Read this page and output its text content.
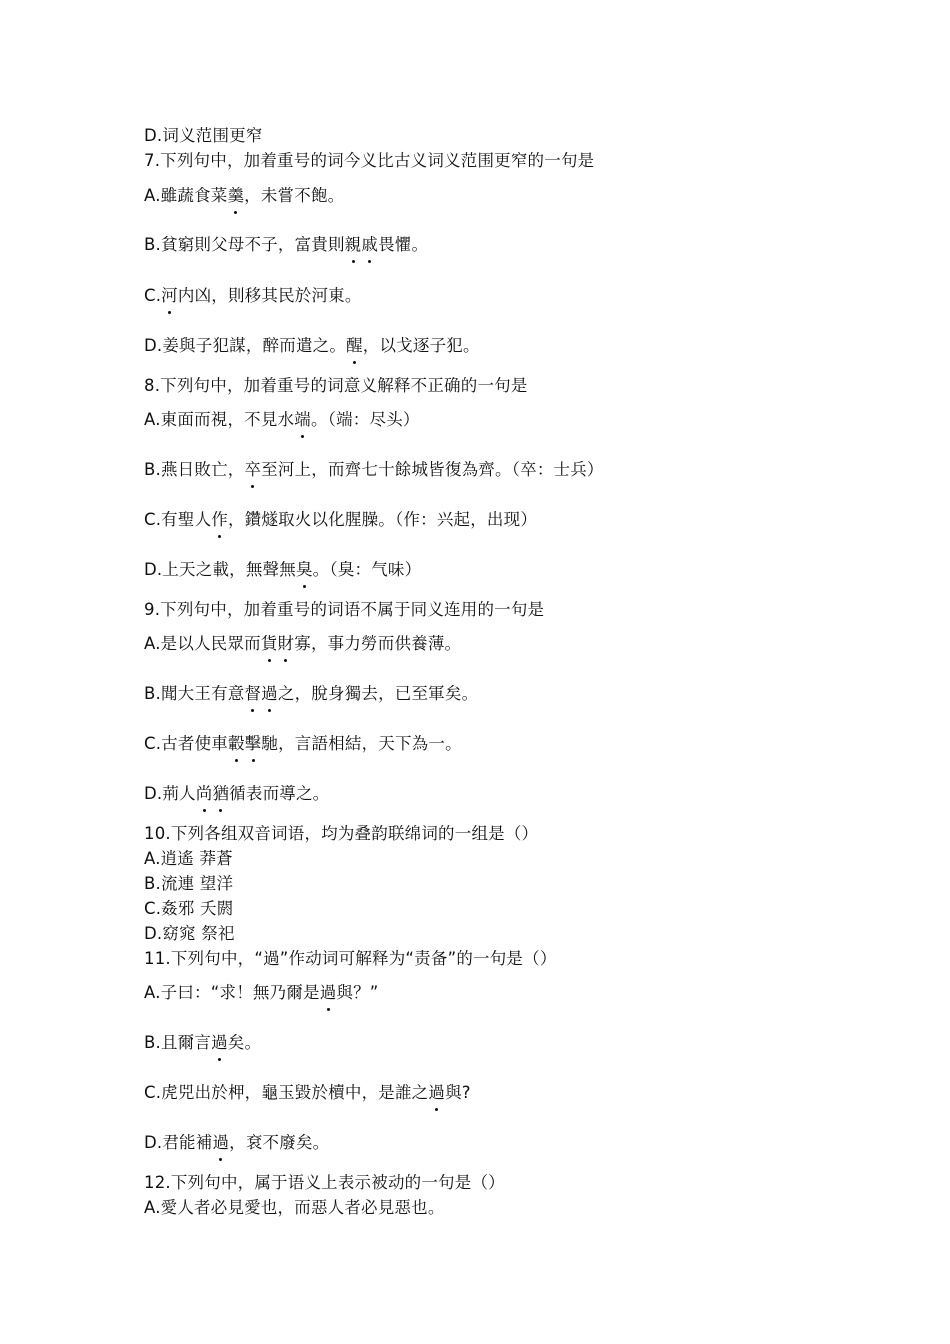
D.词义范围更窄

7.下列句中，加着重号的词今义比古义词义范围更窄的一句是

A.雖蔬食菜羹，未嘗不飽。

B.貧窮則父母不子，富貴則親戚畏懼。

C.河内凶，則移其民於河東。

D.姜與子犯謀，醉而遣之。醒，以戈逐子犯。

8.下列句中，加着重号的词意义解释不正确的一句是

A.東面而視，不見水端。（端：尽头）

B.燕日敗亡，卒至河上，而齊七十餘城皆復為齊。（卒：士兵）

C.有聖人作，鑽燧取火以化腥臊。（作：兴起，出现）

D.上天之載，無聲無臭。（臭：气味）

9.下列句中，加着重号的词语不属于同义连用的一句是

A.是以人民眾而貨財寡，事力勞而供養薄。

B.聞大王有意督過之，脫身獨去，已至軍矣。

C.古者使車轂擊馳，言語相結，天下為一。

D.荊人尚猶循表而導之。

10.下列各组双音词语，均为叠韵联绵词的一组是（）

A.逍遙 莽蒼

B.流連 望洋

C.姦邪 夭閼

D.窈窕 祭祀

11.下列句中，“過”作动词可解释为“责备”的一句是（）

A.子曰：“求！無乃爾是過與？”

B.且爾言過矣。

C.虎兕出於柙，龜玉毀於櫝中，是誰之過與?

D.君能補過，袞不廢矣。

12.下列句中，属于语义上表示被动的一句是（）

A.愛人者必見愛也，而惡人者必見惡也。
